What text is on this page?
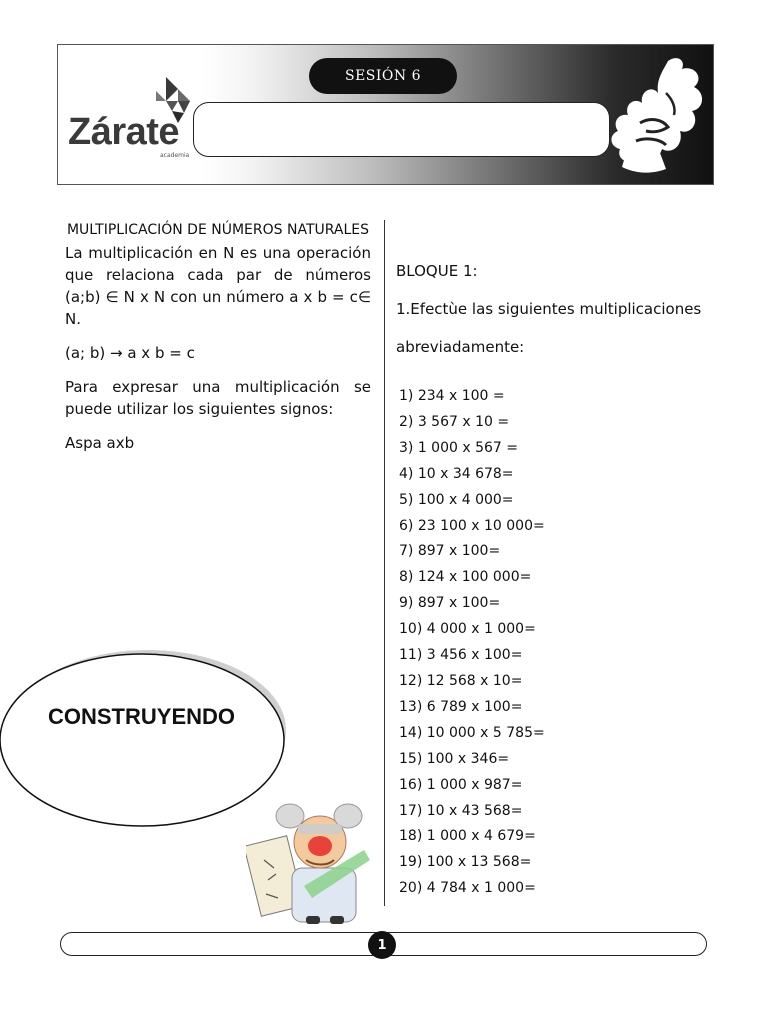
Zárate
academia
SESIÓN 6

MULTIPLICACIÓN DE NÚMEROS NATURALES

La multiplicación en N es una operación que relaciona cada par de números (a;b) ∈ N x N con un número a x b = c∈ N.

(a; b) → a x b = c

Para expresar una multiplicación se puede utilizar los siguientes signos:

Aspa axb

CONSTRUYENDO

BLOQUE 1:

1.Efectùe las siguientes multiplicaciones

abreviadamente:

1) 234 x 100 =
2) 3 567 x 10 =
3) 1 000 x 567 =
4) 10 x 34 678=
5) 100 x 4 000=
6) 23 100 x 10 000=
7) 897 x 100=
8) 124 x 100 000=
9) 897 x 100=
10) 4 000 x 1 000=
11) 3 456 x 100=
12) 12 568 x 10=
13) 6 789 x 100=
14) 10 000 x 5 785=
15) 100 x 346=
16) 1 000 x 987=
17) 10 x 43 568=
18) 1 000 x 4 679=
19) 100 x 13 568=
20) 4 784 x 1 000=
1
